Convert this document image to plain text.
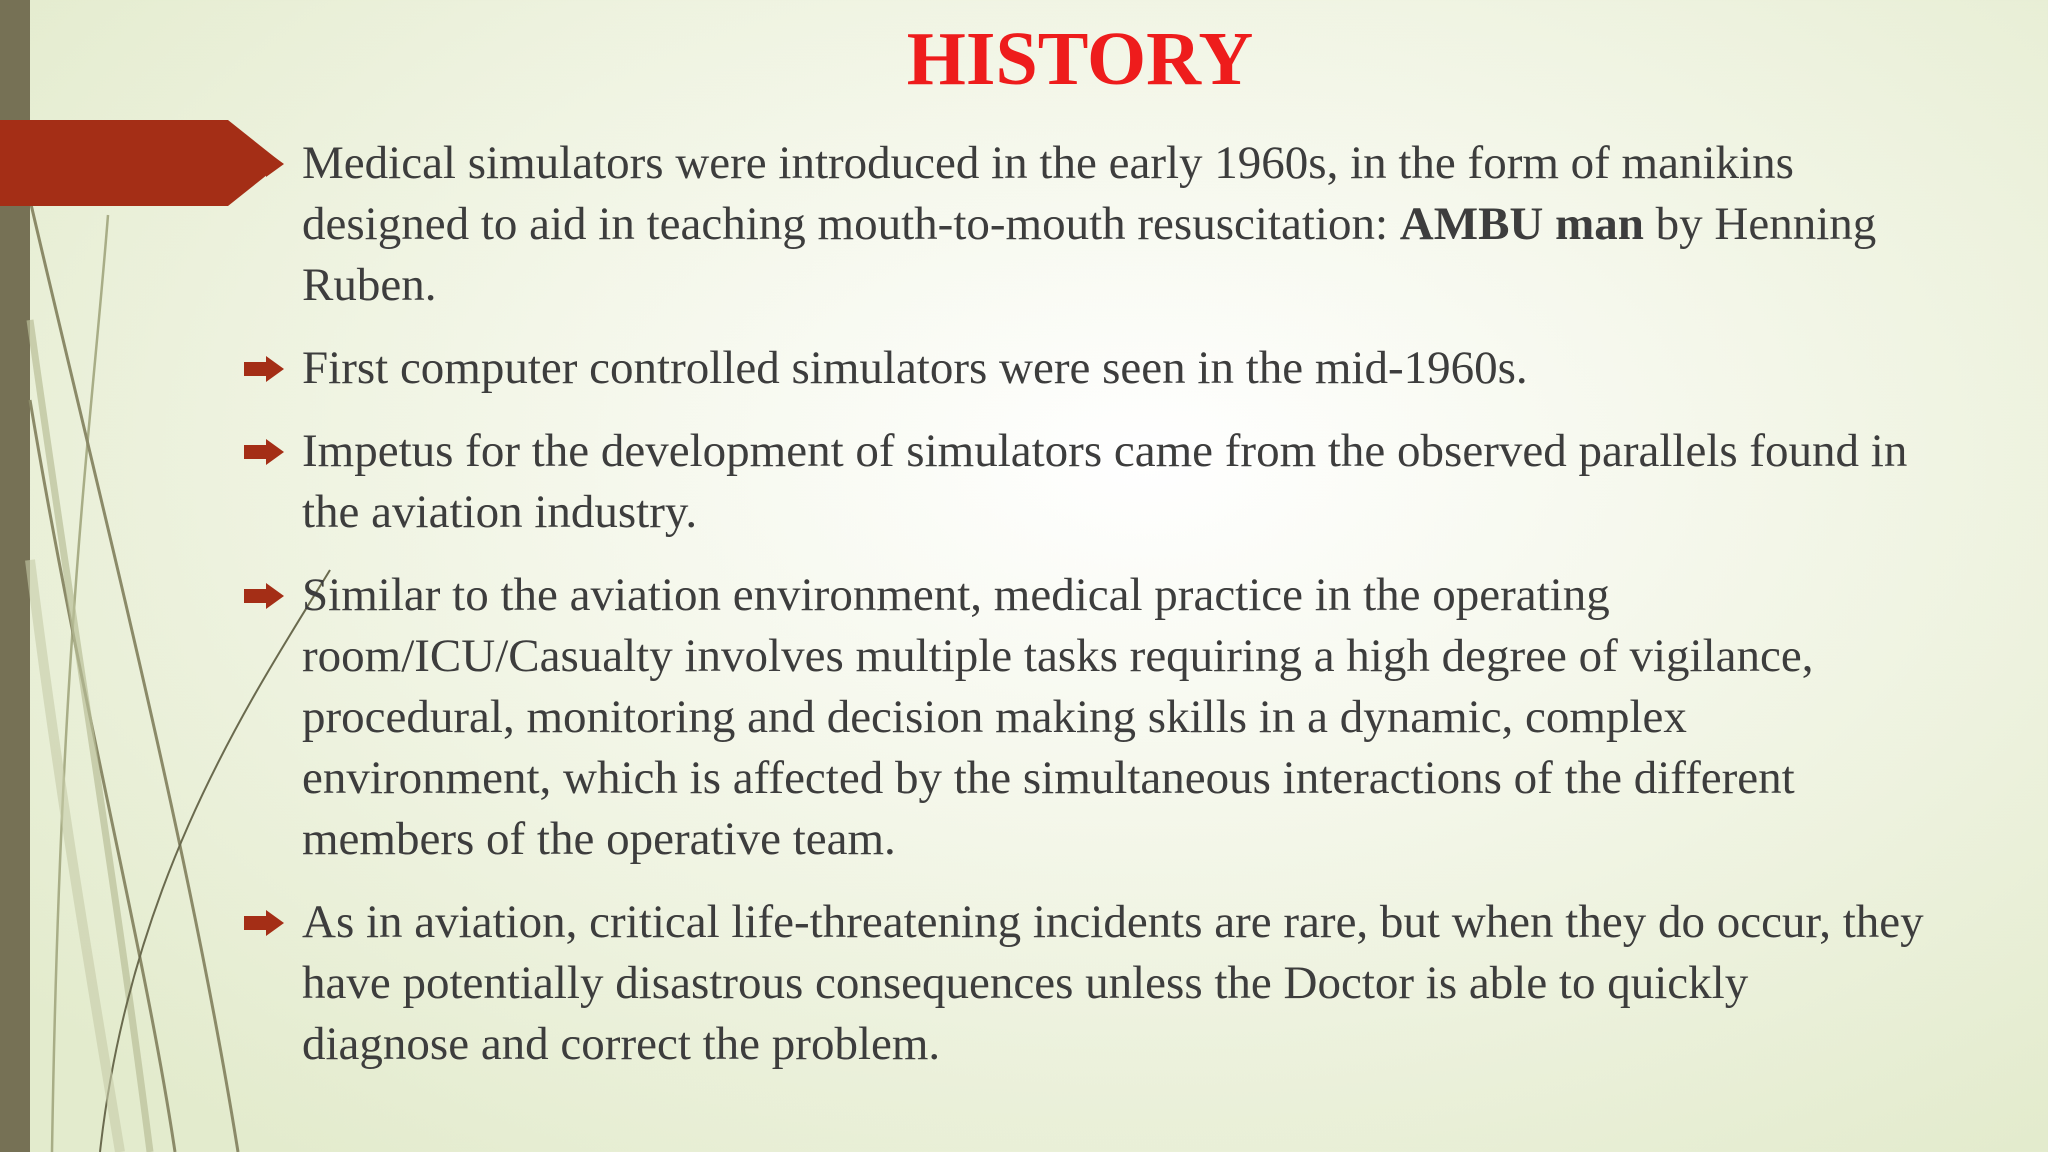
HISTORY
Medical simulators were introduced in the early 1960s, in the form of manikins designed to aid in teaching mouth-to-mouth resuscitation: AMBU man by Henning Ruben.
First computer controlled simulators were seen in the mid-1960s.
Impetus for the development of simulators came from the observed parallels found in the aviation industry.
Similar to the aviation environment, medical practice in the operating room/ICU/Casualty involves multiple tasks requiring a high degree of vigilance, procedural, monitoring and decision making skills in a dynamic, complex environment, which is affected by the simultaneous interactions of the different members of the operative team.
As in aviation, critical life-threatening incidents are rare, but when they do occur, they have potentially disastrous consequences unless the Doctor is able to quickly diagnose and correct the problem.
